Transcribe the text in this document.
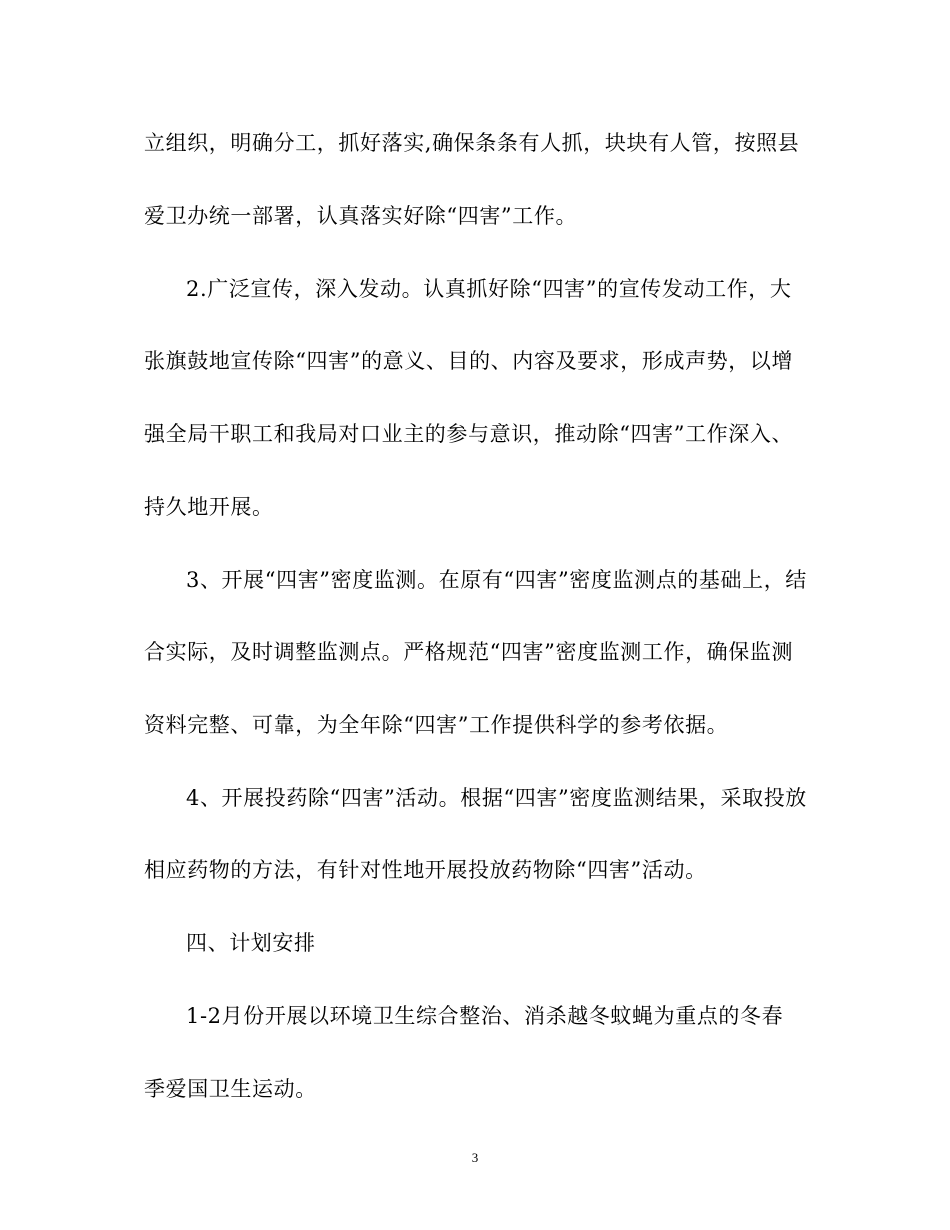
立组织，明确分工，抓好落实,确保条条有人抓，块块有人管，按照县
爱卫办统一部署，认真落实好除“四害”工作。
2.广泛宣传，深入发动。认真抓好除“四害”的宣传发动工作，大
张旗鼓地宣传除“四害”的意义、目的、内容及要求，形成声势，以增
强全局干职工和我局对口业主的参与意识，推动除“四害”工作深入、
持久地开展。
3、开展“四害”密度监测。在原有“四害”密度监测点的基础上，结
合实际，及时调整监测点。严格规范“四害”密度监测工作，确保监测
资料完整、可靠，为全年除“四害”工作提供科学的参考依据。
4、开展投药除“四害”活动。根据“四害”密度监测结果，采取投放
相应药物的方法，有针对性地开展投放药物除“四害”活动。
四、计划安排
1-2月份开展以环境卫生综合整治、消杀越冬蚊蝇为重点的冬春
季爱国卫生运动。
3
